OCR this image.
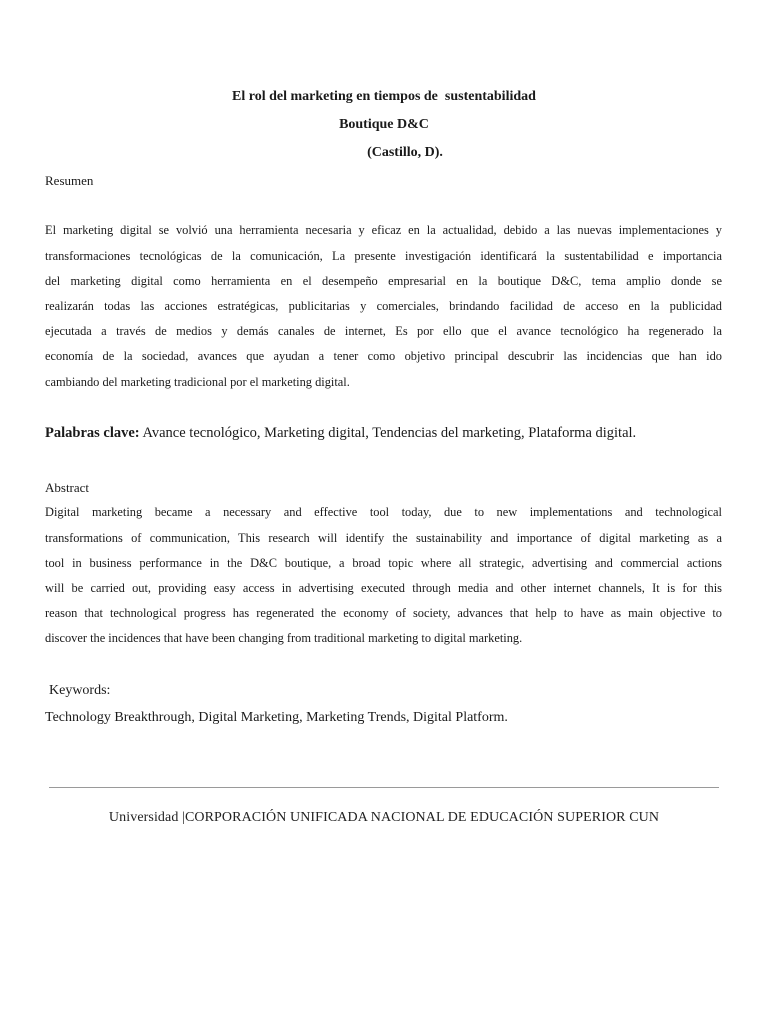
El rol del marketing en tiempos de  sustentabilidad
Boutique D&C
(Castillo, D).
Resumen
El marketing digital se volvió una herramienta necesaria y eficaz en la actualidad, debido a las nuevas implementaciones y
transformaciones tecnológicas de la comunicación, La presente investigación identificará la sustentabilidad e importancia
del marketing digital como herramienta en el desempeño empresarial en la boutique D&C, tema amplio donde se
realizarán todas las acciones estratégicas, publicitarias y comerciales, brindando facilidad de acceso en la publicidad
ejecutada a través de medios y demás canales de internet, Es por ello que el avance tecnológico ha regenerado la
economía de la sociedad, avances que ayudan a tener como objetivo principal descubrir las incidencias que han ido
cambiando del marketing tradicional por el marketing digital.
Palabras clave: Avance tecnológico, Marketing digital, Tendencias del marketing, Plataforma digital.
Abstract
Digital marketing became a necessary and effective tool today, due to new implementations and technological
transformations of communication, This research will identify the sustainability and importance of digital marketing as a
tool in business performance in the D&C boutique, a broad topic where all strategic, advertising and commercial actions
will be carried out, providing easy access in advertising executed through media and other internet channels, It is for this
reason that technological progress has regenerated the economy of society, advances that help to have as main objective to
discover the incidences that have been changing from traditional marketing to digital marketing.
Keywords:
Technology Breakthrough, Digital Marketing, Marketing Trends, Digital Platform.
Universidad |CORPORACIÓN UNIFICADA NACIONAL DE EDUCACIÓN SUPERIOR CUN
